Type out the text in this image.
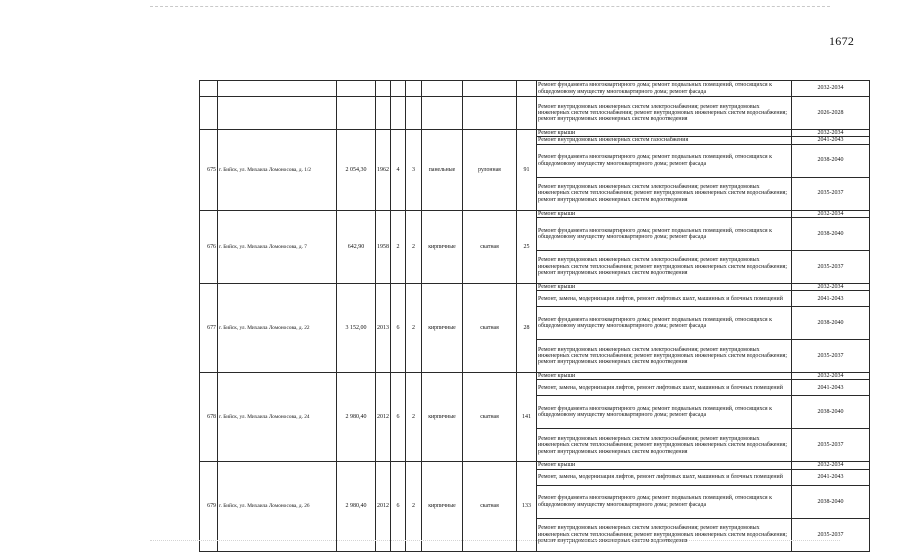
1672
									Ремонт фундамента многоквартирного дома; ремонт подвальных помещений, относящихся к общедомовому имуществу многоквартирного дома; ремонт фасада	2032-2034
									Ремонт внутридомовых инженерных систем электроснабжения; ремонт внутридомовых инженерных систем теплоснабжения; ремонт внутридомовых инженерных систем водоснабжения; ремонт внутридомовых инженерных систем водоотведения	2026-2028
675	г. Бийск, ул. Михаила Ломоносова, д. 1/2	2 054,30	1962	4	3	панельные	рулонная	91	Ремонт крыши	2032-2034
									Ремонт внутридомовых инженерных систем газоснабжения	2041-2043
									Ремонт фундамента многоквартирного дома; ремонт подвальных помещений, относящихся к общедомовому имуществу многоквартирного дома; ремонт фасада	2038-2040
									Ремонт внутридомовых инженерных систем электроснабжения; ремонт внутридомовых инженерных систем теплоснабжения; ремонт внутридомовых инженерных систем водоснабжения; ремонт внутридомовых инженерных систем водоотведения	2035-2037
676	г. Бийск, ул. Михаила Ломоносова, д. 7	642,90	1958	2	2	кирпичные	скатная	25	Ремонт крыши	2032-2034
									Ремонт фундамента многоквартирного дома; ремонт подвальных помещений, относящихся к общедомовому имуществу многоквартирного дома; ремонт фасада	2038-2040
									Ремонт внутридомовых инженерных систем электроснабжения; ремонт внутридомовых инженерных систем теплоснабжения; ремонт внутридомовых инженерных систем водоснабжения; ремонт внутридомовых инженерных систем водоотведения	2035-2037
677	г. Бийск, ул. Михаила Ломоносова, д. 22	3 152,00	2013	6	2	кирпичные	скатная	28	Ремонт крыши	2032-2034
									Ремонт, замена, модернизация лифтов, ремонт лифтовых шахт, машинных и блочных помещений	2041-2043
									Ремонт фундамента многоквартирного дома; ремонт подвальных помещений, относящихся к общедомовому имуществу многоквартирного дома; ремонт фасада	2038-2040
									Ремонт внутридомовых инженерных систем электроснабжения; ремонт внутридомовых инженерных систем теплоснабжения; ремонт внутридомовых инженерных систем водоснабжения; ремонт внутридомовых инженерных систем водоотведения	2035-2037
678	г. Бийск, ул. Михаила Ломоносова, д. 24	2 980,40	2012	6	2	кирпичные	скатная	141	Ремонт крыши	2032-2034
									Ремонт, замена, модернизация лифтов, ремонт лифтовых шахт, машинных и блочных помещений	2041-2043
									Ремонт фундамента многоквартирного дома; ремонт подвальных помещений, относящихся к общедомовому имуществу многоквартирного дома; ремонт фасада	2038-2040
									Ремонт внутридомовых инженерных систем электроснабжения; ремонт внутридомовых инженерных систем теплоснабжения; ремонт внутридомовых инженерных систем водоснабжения; ремонт внутридомовых инженерных систем водоотведения	2035-2037
679	г. Бийск, ул. Михаила Ломоносова, д. 26	2 980,40	2012	6	2	кирпичные	скатная	133	Ремонт крыши	2032-2034
									Ремонт, замена, модернизация лифтов, ремонт лифтовых шахт, машинных и блочных помещений	2041-2043
									Ремонт фундамента многоквартирного дома; ремонт подвальных помещений, относящихся к общедомовому имуществу многоквартирного дома; ремонт фасада	2038-2040
									Ремонт внутридомовых инженерных систем электроснабжения; ремонт внутридомовых инженерных систем теплоснабжения; ремонт внутридомовых инженерных систем водоснабжения; ремонт внутридомовых инженерных систем водоотведения	2035-2037
